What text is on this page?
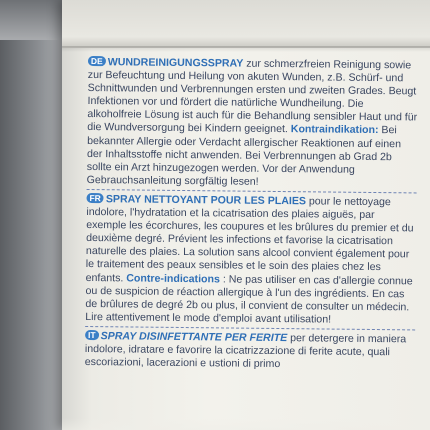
DE WUNDREINIGUNGSSPRAY zur schmerzfreien Reinigung sowie zur Befeuchtung und Heilung von akuten Wunden, z.B. Schürf- und Schnittwunden und Verbrennungen ersten und zweiten Grades. Beugt Infektionen vor und fördert die natürliche Wundheilung. Die alkoholfreie Lösung ist auch für die Behandlung sensibler Haut und für die Wundversorgung bei Kindern geeignet. Kontraindikation: Bei bekannter Allergie oder Verdacht allergischer Reaktionen auf einen der Inhaltsstoffe nicht anwenden. Bei Verbrennungen ab Grad 2b sollte ein Arzt hinzugezogen werden. Vor der Anwendung Gebrauchsanleitung sorgfältig lesen!

FR SPRAY NETTOYANT POUR LES PLAIES pour le nettoyage indolore, l'hydratation et la cicatrisation des plaies aiguës, par exemple les écorchures, les coupures et les brûlures du premier et du deuxième degré. Prévient les infections et favorise la cicatrisation naturelle des plaies. La solution sans alcool convient également pour le traitement des peaux sensibles et le soin des plaies chez les enfants. Contre-indications : Ne pas utiliser en cas d'allergie connue ou de suspicion de réaction allergique à l'un des ingrédients. En cas de brûlures de degré 2b ou plus, il convient de consulter un médecin. Lire attentivement le mode d'emploi avant utilisation!

IT SPRAY DISINFETTANTE PER FERITE per detergere in maniera indolore, idratare e favorire la cicatrizzazione di ferite acute, quali escoriazioni, lacerazioni e ustioni di primo
